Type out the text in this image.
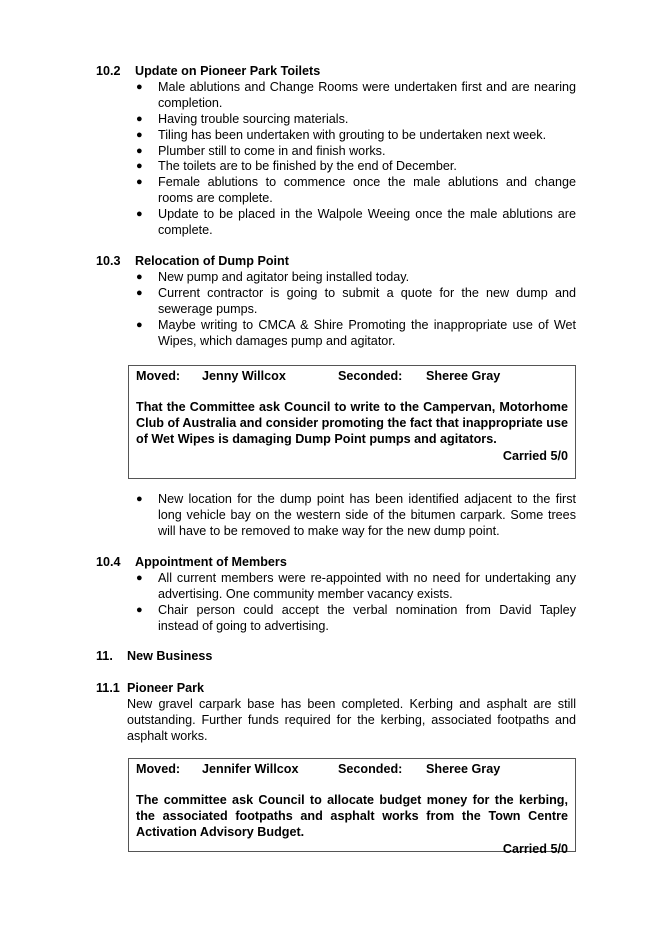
10.2	Update on Pioneer Park Toilets
● Male ablutions and Change Rooms were undertaken first and are nearing completion.
● Having trouble sourcing materials.
● Tiling has been undertaken with grouting to be undertaken next week.
● Plumber still to come in and finish works.
● The toilets are to be finished by the end of December.
● Female ablutions to commence once the male ablutions and change rooms are complete.
● Update to be placed in the Walpole Weeing once the male ablutions are complete.
10.3	Relocation of Dump Point
● New pump and agitator being installed today.
● Current contractor is going to submit a quote for the new dump and sewerage pumps.
● Maybe writing to CMCA & Shire Promoting the inappropriate use of Wet Wipes, which damages pump and agitator.
Moved:	Jenny Willcox	Seconded:	Sheree Gray
That the Committee ask Council to write to the Campervan, Motorhome Club of Australia and consider promoting the fact that inappropriate use of Wet Wipes is damaging Dump Point pumps and agitators.
Carried 5/0
● New location for the dump point has been identified adjacent to the first long vehicle bay on the western side of the bitumen carpark. Some trees will have to be removed to make way for the new dump point.
10.4	Appointment of Members
● All current members were re-appointed with no need for undertaking any advertising. One community member vacancy exists.
● Chair person could accept the verbal nomination from David Tapley instead of going to advertising.
11.	New Business
11.1 Pioneer Park
New gravel carpark base has been completed. Kerbing and asphalt are still outstanding. Further funds required for the kerbing, associated footpaths and asphalt works.
Moved:	Jennifer Willcox	Seconded:	Sheree Gray
The committee ask Council to allocate budget money for the kerbing, the associated footpaths and asphalt works from the Town Centre Activation Advisory Budget.
Carried 5/0
